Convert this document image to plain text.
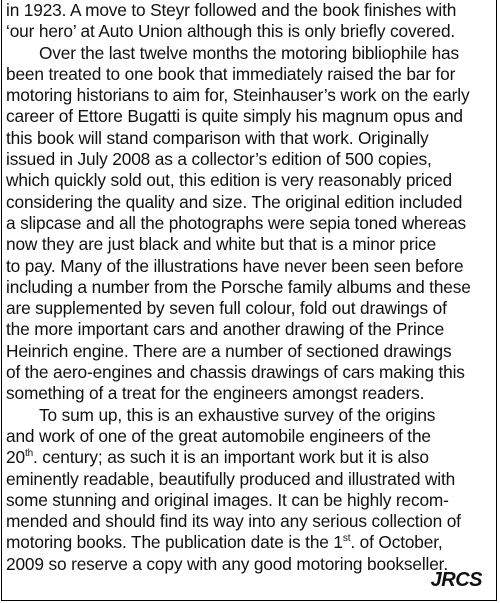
in 1923. A move to Steyr followed and the book finishes with
‘our hero’ at Auto Union although this is only briefly covered.
Over the last twelve months the motoring bibliophile has
been treated to one book that immediately raised the bar for
motoring historians to aim for, Steinhauser’s work on the early
career of Ettore Bugatti is quite simply his magnum opus and
this book will stand comparison with that work. Originally
issued in July 2008 as a collector’s edition of 500 copies,
which quickly sold out, this edition is very reasonably priced
considering the quality and size. The original edition included
a slipcase and all the photographs were sepia toned whereas
now they are just black and white but that is a minor price
to pay. Many of the illustrations have never been seen before
including a number from the Porsche family albums and these
are supplemented by seven full colour, fold out drawings of
the more important cars and another drawing of the Prince
Heinrich engine. There are a number of sectioned drawings
of the aero-engines and chassis drawings of cars making this
something of a treat for the engineers amongst readers.
To sum up, this is an exhaustive survey of the origins
and work of one of the great automobile engineers of the
20th. century; as such it is an important work but it is also
eminently readable, beautifully produced and illustrated with
some stunning and original images. It can be highly recom-
mended and should find its way into any serious collection of
motoring books. The publication date is the 1st. of October,
2009 so reserve a copy with any good motoring bookseller.
JRCS
